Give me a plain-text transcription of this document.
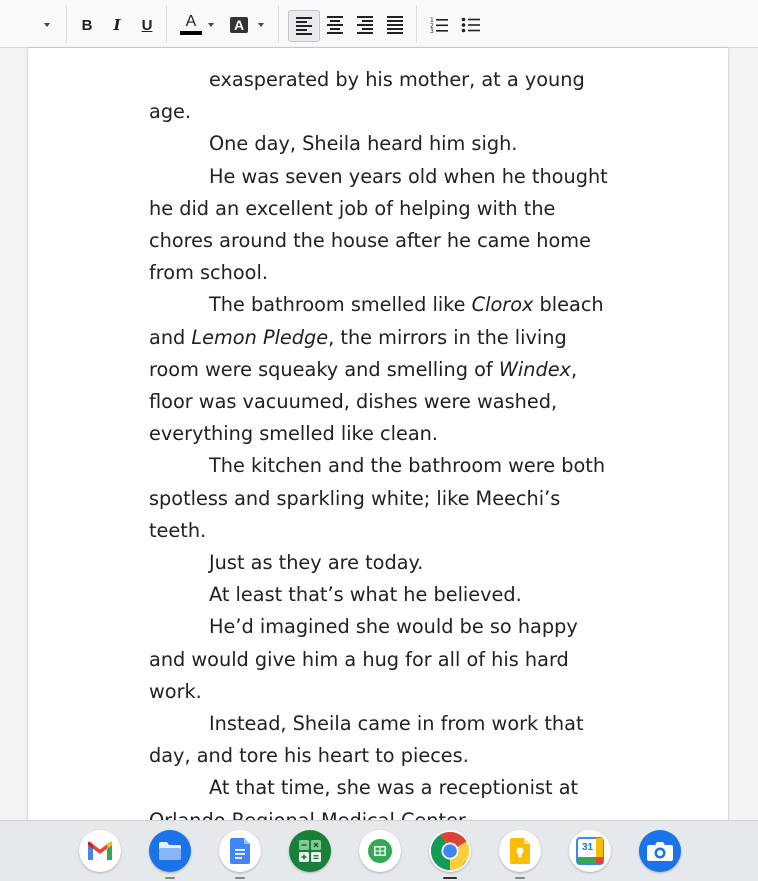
B	I	U	A	A	1
2
3

exasperated by his mother, at a young age.

One day, Sheila heard him sigh.

He was seven years old when he thought he did an excellent job of helping with the chores around the house after he came home from school.

The bathroom smelled like Clorox bleach and Lemon Pledge, the mirrors in the living room were squeaky and smelling of Windex, floor was vacuumed, dishes were washed, everything smelled like clean.

The kitchen and the bathroom were both spotless and sparkling white; like Meechi’s teeth.

Just as they are today.

At least that’s what he believed.

He’d imagined she would be so happy and would give him a hug for all of his hard work.

Instead, Sheila came in from work that day, and tore his heart to pieces.

At that time, she was a receptionist at

31
